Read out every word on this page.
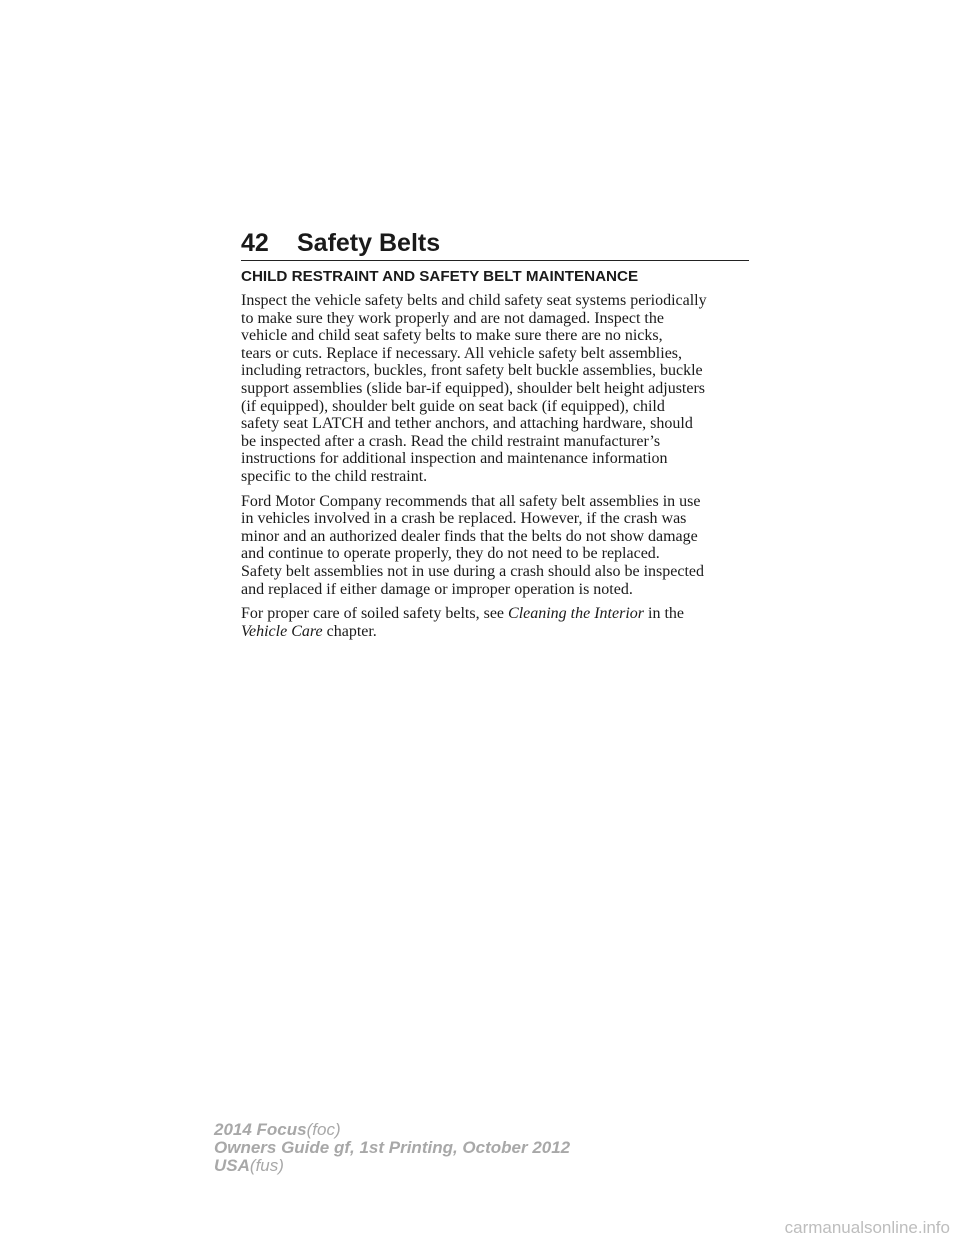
42 Safety Belts
CHILD RESTRAINT AND SAFETY BELT MAINTENANCE

Inspect the vehicle safety belts and child safety seat systems periodically
to make sure they work properly and are not damaged. Inspect the
vehicle and child seat safety belts to make sure there are no nicks,
tears or cuts. Replace if necessary. All vehicle safety belt assemblies,
including retractors, buckles, front safety belt buckle assemblies, buckle
support assemblies (slide bar-if equipped), shoulder belt height adjusters
(if equipped), shoulder belt guide on seat back (if equipped), child
safety seat LATCH and tether anchors, and attaching hardware, should
be inspected after a crash. Read the child restraint manufacturer’s
instructions for additional inspection and maintenance information
specific to the child restraint.

Ford Motor Company recommends that all safety belt assemblies in use
in vehicles involved in a crash be replaced. However, if the crash was
minor and an authorized dealer finds that the belts do not show damage
and continue to operate properly, they do not need to be replaced.
Safety belt assemblies not in use during a crash should also be inspected
and replaced if either damage or improper operation is noted.

For proper care of soiled safety belts, see Cleaning the Interior in the
Vehicle Care chapter.

2014 Focus(foc)
Owners Guide gf, 1st Printing, October 2012
USA(fus)
carmanualsonline.info
